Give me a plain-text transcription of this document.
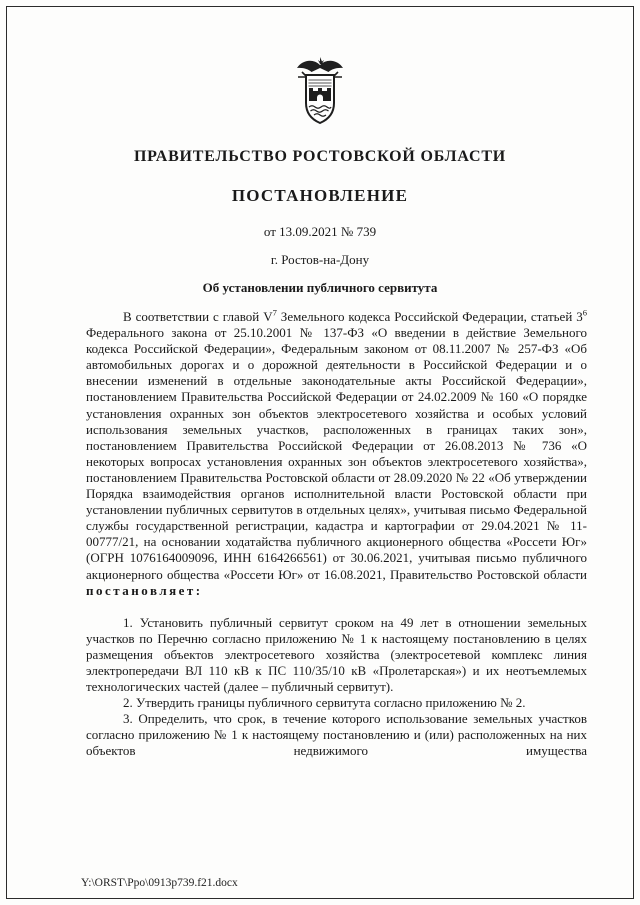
ПРАВИТЕЛЬСТВО РОСТОВСКОЙ ОБЛАСТИ
ПОСТАНОВЛЕНИЕ
от 13.09.2021 № 739
г. Ростов-на-Дону
Об установлении публичного сервитута

В соответствии с главой $V^7$ Земельного кодекса Российской Федерации, статьей $3^6$ Федерального закона от 25.10.2001 № 137-ФЗ «О введении в действие Земельного кодекса Российской Федерации», Федеральным законом от 08.11.2007 № 257-ФЗ «Об автомобильных дорогах и о дорожной деятельности в Российской Федерации и о внесении изменений в отдельные законодательные акты Российской Федерации», постановлением Правительства Российской Федерации от 24.02.2009 № 160 «О порядке установления охранных зон объектов электросетевого хозяйства и особых условий использования земельных участков, расположенных в границах таких зон», постановлением Правительства Российской Федерации от 26.08.2013 № 736 «О некоторых вопросах установления охранных зон объектов электросетевого хозяйства», постановлением Правительства Ростовской области от 28.09.2020 № 22 «Об утверждении Порядка взаимодействия органов исполнительной власти Ростовской области при установлении публичных сервитутов в отдельных целях», учитывая письмо Федеральной службы государственной регистрации, кадастра и картографии от 29.04.2021 № 11-00777/21, на основании ходатайства публичного акционерного общества «Россети Юг» (ОГРН 1076164009096, ИНН 6164266561) от 30.06.2021, учитывая письмо публичного акционерного общества «Россети Юг» от 16.08.2021, Правительство Ростовской области постановляет:

1. Установить публичный сервитут сроком на 49 лет в отношении земельных участков по Перечню согласно приложению № 1 к настоящему постановлению в целях размещения объектов электросетевого хозяйства (электросетевой комплекс линия электропередачи ВЛ 110 кВ к ПС 110/35/10 кВ «Пролетарская») и их неотъемлемых технологических частей (далее – публичный сервитут).

2. Утвердить границы публичного сервитута согласно приложению № 2.

3. Определить, что срок, в течение которого использование земельных участков согласно приложению № 1 к настоящему постановлению и (или) расположенных на них объектов недвижимого имущества

Y:\ORST\Ppo\0913p739.f21.docx
